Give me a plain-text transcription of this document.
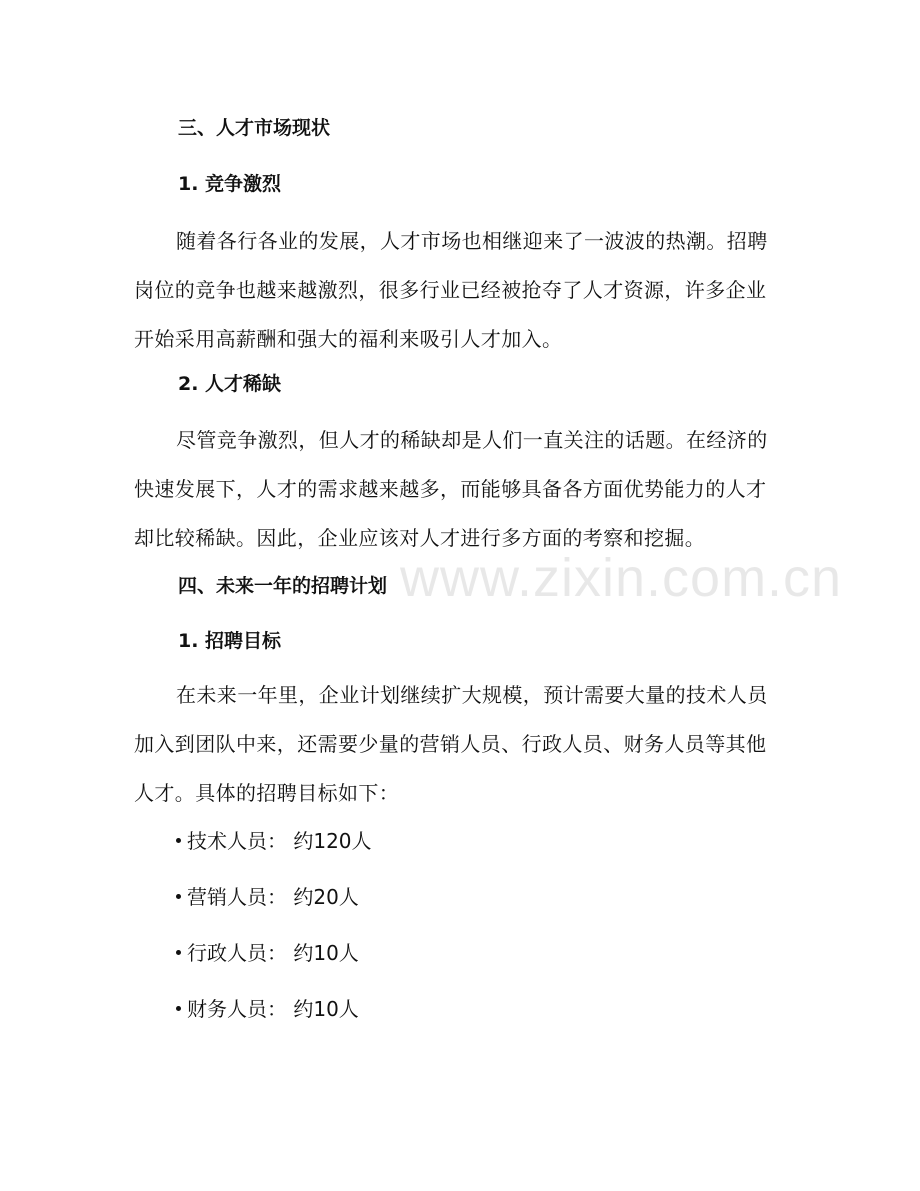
三、人才市场现状
1. 竞争激烈
随着各行各业的发展，人才市场也相继迎来了一波波的热潮。招聘岗位的竞争也越来越激烈，很多行业已经被抢夺了人才资源，许多企业开始采用高薪酬和强大的福利来吸引人才加入。
2. 人才稀缺
尽管竞争激烈，但人才的稀缺却是人们一直关注的话题。在经济的快速发展下，人才的需求越来越多，而能够具备各方面优势能力的人才却比较稀缺。因此，企业应该对人才进行多方面的考察和挖掘。
四、未来一年的招聘计划
1. 招聘目标
在未来一年里，企业计划继续扩大规模，预计需要大量的技术人员加入到团队中来，还需要少量的营销人员、行政人员、财务人员等其他人才。具体的招聘目标如下：
技术人员： 约120人
营销人员： 约20人
行政人员： 约10人
财务人员： 约10人
www.zixin.com.cn
